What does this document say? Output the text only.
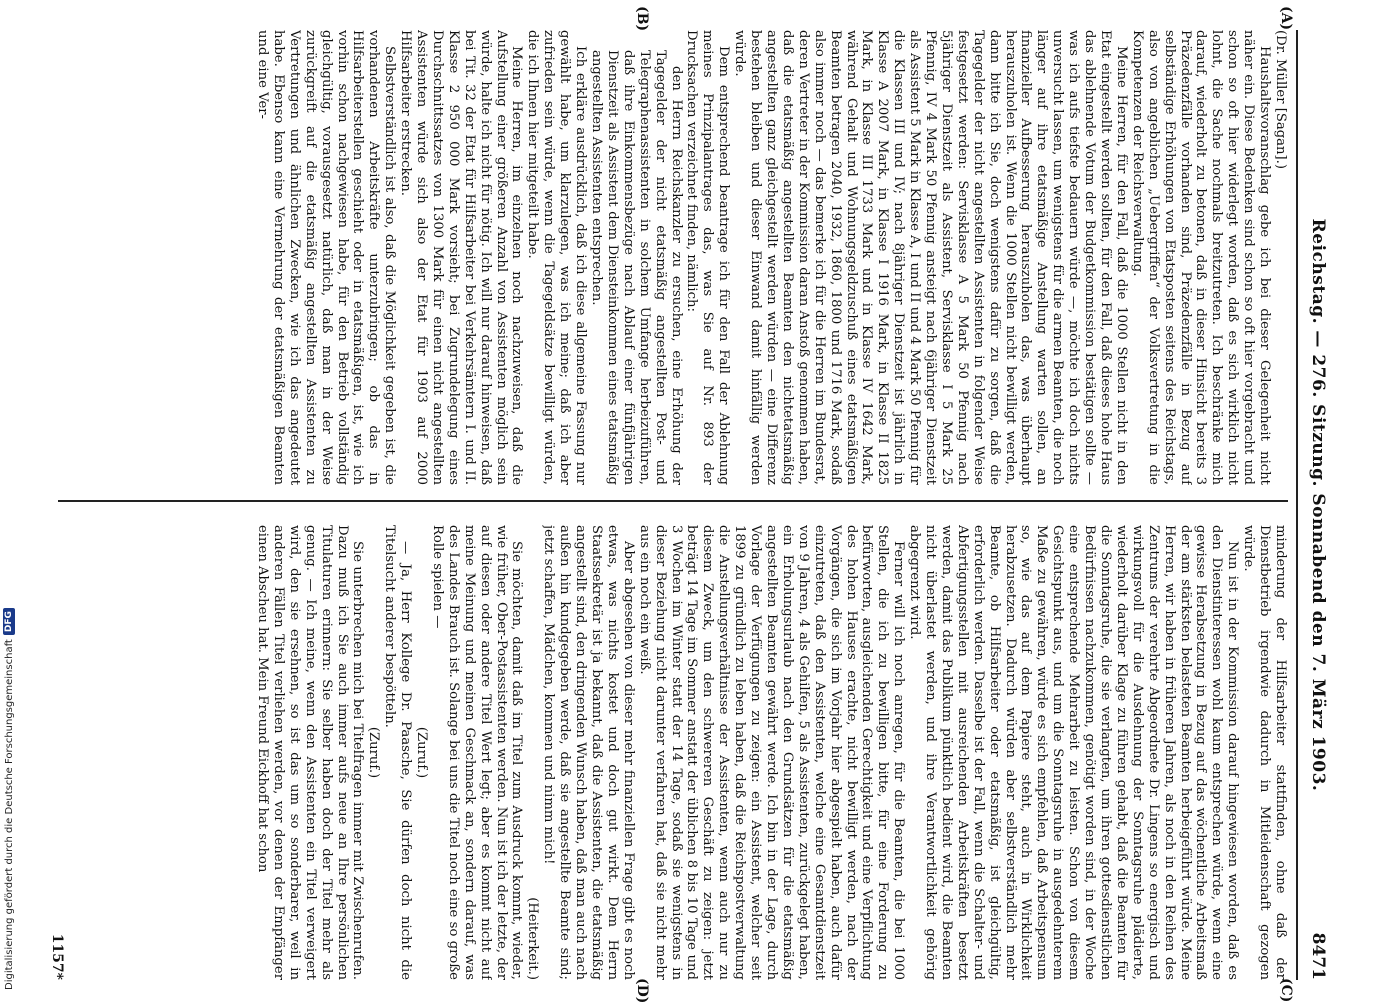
Reichstag. — 276. Sitzung. Sonnabend den 7. März 1903.
8471
(A)
(B)
(C)
(D)

(Dr. Müller [Sagan].)

Haushaltsvoranschlag gebe ich bei dieser Gelegenheit nicht näher ein. Diese Bedenken sind schon so oft hier vorgebracht und schon so oft hier widerlegt worden, daß es sich wirklich nicht lohnt, die Sache nochmals breitzutreten. Ich beschränke mich darauf, wiederholt zu betonen, daß in dieser Hinsicht bereits 3 Präzedenzfälle vorhanden sind, Präzedenzfälle in Bezug auf selbständige Erhöhungen von Etatsposten seitens des Reichstags, also von angeblichen „Uebergriffen“ der Volksvertretung in die Kompetenzen der Reichsverwaltung.

Meine Herren, für den Fall, daß die 1000 Stellen nicht in den Etat eingestellt werden sollten, für den Fall, daß dieses hohe Haus das ablehnende Votum der Budgetkommission bestätigen sollte — was ich aufs tiefste bedauern würde —, möchte ich doch nichts unversucht lassen, um wenigstens für die armen Beamten, die noch länger auf ihre etatsmäßige Anstellung warten sollen, an finanzieller Aufbesserung herauszuholen das, was überhaupt herauszuholen ist. Wenn die 1000 Stellen nicht bewilligt werden, dann bitte ich Sie, doch wenigstens dafür zu sorgen, daß die Tagegelder der nicht angestellten Assistenten in folgender Weise festgesetzt werden: Servisklasse A 5 Mark 50 Pfennig nach 5jähriger Dienstzeit als Assistent, Servisklasse I 5 Mark 25 Pfennig, IV 4 Mark 50 Pfennig ansteigt nach 6jähriger Dienstzeit als Assistent 5 Mark in Klasse A, I und II und 4 Mark 50 Pfennig für die Klassen III und IV; nach 8jähriger Dienstzeit ist jährlich in Klasse A 2007 Mark, in Klasse I 1916 Mark, in Klasse II 1825 Mark, in Klasse III 1733 Mark und in Klasse IV 1642 Mark, während Gehalt und Wohnungsgeldzuschuß eines etatsmäßigen Beamten betragen 2040, 1932, 1860, 1800 und 1716 Mark, sodaß also immer noch — das bemerke ich für die Herren im Bundesrat, deren Vertreter in der Kommission daran Anstoß genommen haben, daß die etatsmäßig angestellten Beamten den nichtetatsmäßig angestellten ganz gleichgestellt werden würden — eine Differenz bestehen bleiben und dieser Einwand damit hinfällig werden würde.

Dem entsprechend beantrage ich für den Fall der Ablehnung meines Prinzipalantrages das, was Sie auf Nr. 893 der Drucksachen verzeichnet finden, nämlich:

den Herrn Reichskanzler zu ersuchen, eine Erhöhung der Tagegelder der nicht etatsmäßig angestellten Post- und Telegraphenassistenten in solchem Umfange herbeizuführen, daß ihre Einkommensbezüge nach Ablauf einer fünfjährigen Dienstzeit als Assistent dem Diensteinkommen eines etatsmäßig angestellten Assistenten entsprechen.

Ich erkläre ausdrücklich, daß ich diese allgemeine Fassung nur gewählt habe, um klarzulegen, was ich meine; daß ich aber zufrieden sein würde, wenn die Tagegeldsätze bewilligt würden, die ich Ihnen hier mitgeteilt habe.

Meine Herren, im einzelnen noch nachzuweisen, daß die Aufstellung einer größeren Anzahl von Assistenten möglich sein würde, halte ich nicht für nötig. Ich will nur darauf hinweisen, daß bei Tit. 32 der Etat für Hilfsarbeiter bei Verkehrsämtern I. und II. Klasse 2 950 000 Mark vorsieht; bei Zugrundelegung eines Durchschnittssatzes von 1300 Mark für einen nicht angestellten Assistenten würde sich also der Etat für 1903 auf 2000 Hilfsarbeiter erstrecken.

Selbstverständlich ist also, daß die Möglichkeit gegeben ist, die vorhandenen Arbeitskräfte unterzubringen; ob das in Hilfsarbeiterstellen geschieht oder in etatsmäßigen, ist, wie ich vorhin schon nachgewiesen habe, für den Betrieb vollständig gleichgültig, vorausgesetzt natürlich, daß man in der Weise zurückgreift auf die etatsmäßig angestellten Assistenten zu Vertretungen und ähnlichen Zwecken, wie ich das angedeutet habe. Ebenso kann eine Vermehrung der etatsmäßigen Beamten und eine Ver-

minderung der Hilfsarbeiter stattfinden, ohne daß der Dienstbetrieb irgendwie dadurch in Mitleidenschaft gezogen würde.

Nun ist in der Kommission darauf hingewiesen worden, daß es den Dienstinteressen wohl kaum entsprechen würde, wenn eine gewisse Herabsetzung in Bezug auf das wöchentliche Arbeitsmaß der am stärksten belasteten Beamten herbeigeführt würde. Meine Herren, wir haben in früheren Jahren, als noch in den Reihen des Zentrums der verehrte Abgeordnete Dr. Lingens so energisch und wirkungsvoll für die Ausdehnung der Sonntagsruhe plädierte, wiederholt darüber Klage zu führen gehabt, daß die Beamten für die Sonntagsruhe, die sie verlangten, um ihren gottesdienstlichen Bedürfnissen nachzukommen, genötigt worden sind, in der Woche eine entsprechende Mehrarbeit zu leisten. Schon von diesem Gesichtspunkt aus, und um die Sonntagsruhe in ausgedehnterem Maße zu gewähren, würde es sich empfehlen, daß Arbeitspensum so, wie das auf dem Papiere steht, auch in Wirklichkeit herabzusetzen. Dadurch würden aber selbstverständlich mehr Beamte, ob Hilfsarbeiter oder etatsmäßig, ist gleichgültig, erforderlich werden. Dasselbe ist der Fall, wenn die Schalter- und Abfertigungsstellen mit ausreichenden Arbeitskräften besetzt werden, damit das Publikum pünktlich bedient wird, die Beamten nicht überlastet werden, und ihre Verantwortlichkeit gehörig abgegrenzt wird.

Ferner will ich noch anregen, für die Beamten, die bei 1000 Stellen, die ich zu bewilligen bitte, für eine Forderung zu befürworten, ausgleichenden Gerechtigkeit und eine Verpflichtung des hohen Hauses erachte, nicht bewilligt werden, nach der Vorgängen, die sich im Vorjahr hier abgespielt haben, auch dafür einzutreten, daß den Assistenten, welche eine Gesamtdienstzeit von 9 Jahren, 4 als Gehilfen, 5 als Assistenten, zurückgelegt haben, ein Erholungsurlaub nach den Grundsätzen für die etatsmäßig angestellten Beamten gewährt werde. Ich bin in der Lage, durch Vorlage der Verfügungen zu zeigen: ein Assistent, welcher seit 1899 zu gründlich zu leben haben, daß die Reichspostverwaltung die Anstellungsverhältnisse der Assistenten, wenn auch nur zu diesem Zweck, um den schwereren Geschäft zu zeigen: jetzt beträgt 14 Tage im Sommer anstatt der üblichen 8 bis 10 Tage und 3 Wochen im Winter statt der 14 Tage, sodaß sie wenigstens in dieser Beziehung nicht darunter verfahren hat, daß sie nicht mehr aus ein noch ein weiß.

Aber abgesehen von dieser mehr finanziellen Frage gibt es noch etwas, was nichts kostet und doch gut wirkt. Dem Herrn Staatssekretär ist ja bekannt, daß die Assistenten, die etatsmäßig angestellt sind, den dringenden Wunsch haben, daß man auch nach außen hin kundgegeben werde, daß sie angestellte Beamte sind; jetzt schaffen, Mädchen, kommen und nimm mich!

(Heiterkeit.)

Sie möchten, damit daß im Titel zum Ausdruck kommt, wieder, wie früher, Ober-Postassistenten werden. Nun ist ich der letzte, der auf diesen oder andere Titel Wert legt; aber es kommt nicht auf meine Meinung und meinen Geschmack an, sondern darauf, was des Landes Brauch ist. Solange bei uns die Titel noch eine so große Rolle spielen —

(Zuruf.)

— Ja, Herr Kollege Dr. Paasche, Sie dürfen doch nicht die Titelsucht anderer bespötteln.

(Zuruf.)

Sie unterbrechen mich bei Titelfragen immer mit Zwischenrufen. Dazu muß ich Sie auch immer aufs neue an Ihre persönlichen Titulaturen erinnern: Sie selber haben doch der Titel mehr als genug. — Ich meine, wenn den Assistenten ein Titel verweigert wird, den sie ersehnen, so ist das um so sonderbarer, weil in anderen Fällen Titel verliehen werden, vor denen der Empfänger einen Abscheu hat. Mein Freund Eickhoff hat schon

1157*
Digitalisierung gefördert durch die Deutsche Forschungsgemeinschaft
DFG
